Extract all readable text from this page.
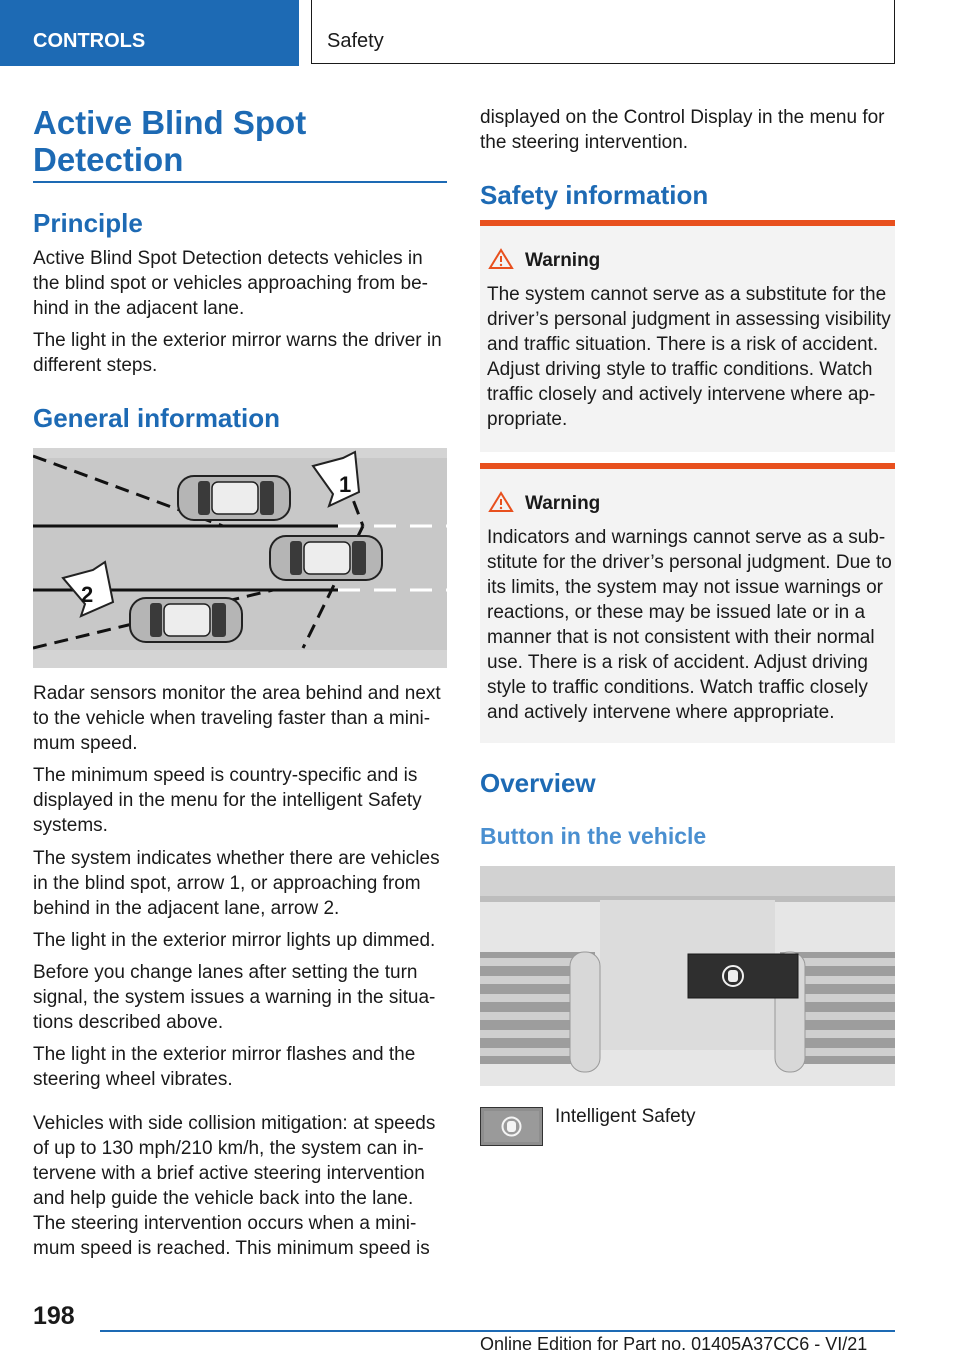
CONTROLS	Safety
Active Blind Spot Detection
Principle

Active Blind Spot Detection detects vehicles in the blind spot or vehicles approaching from be-hind in the adjacent lane.

The light in the exterior mirror warns the driver in different steps.

General information
1
2

Radar sensors monitor the area behind and next to the vehicle when traveling faster than a mini-mum speed.

The minimum speed is country-specific and is displayed in the menu for the intelligent Safety systems.

The system indicates whether there are vehicles in the blind spot, arrow 1, or approaching from behind in the adjacent lane, arrow 2.

The light in the exterior mirror lights up dimmed.

Before you change lanes after setting the turn signal, the system issues a warning in the situa-tions described above.

The light in the exterior mirror flashes and the steering wheel vibrates.

Vehicles with side collision mitigation: at speeds of up to 130 mph/210 km/h, the system can in-tervene with a brief active steering intervention and help guide the vehicle back into the lane. The steering intervention occurs when a mini-mum speed is reached. This minimum speed is

displayed on the Control Display in the menu for the steering intervention.

Safety information
Warning

The system cannot serve as a substitute for the driver’s personal judgment in assessing visibility and traffic situation. There is a risk of accident. Adjust driving style to traffic conditions. Watch traffic closely and actively intervene where ap-propriate.

Warning

Indicators and warnings cannot serve as a sub-stitute for the driver’s personal judgment. Due to its limits, the system may not issue warnings or reactions, or these may be issued late or in a manner that is not consistent with their normal use. There is a risk of accident. Adjust driving style to traffic conditions. Watch traffic closely and actively intervene where appropriate.

Overview
Button in the vehicle
Intelligent Safety
198
Online Edition for Part no. 01405A37CC6 - VI/21
